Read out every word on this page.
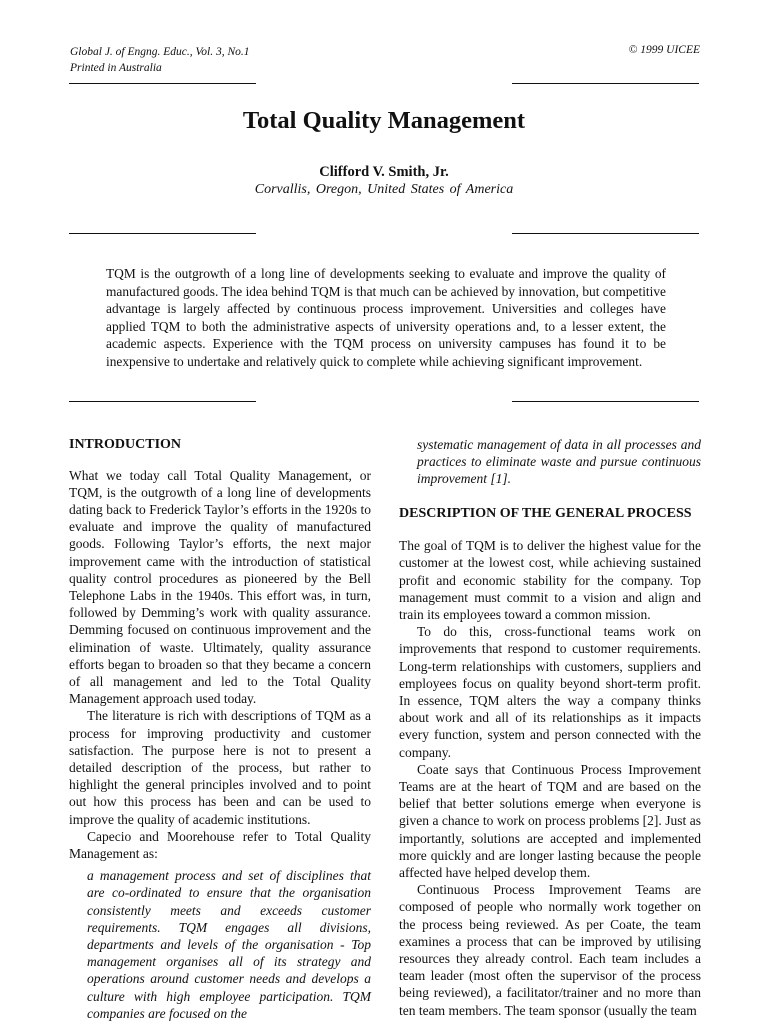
Global J. of Engng. Educ., Vol. 3, No.1
Printed in Australia
© 1999 UICEE
Total Quality Management
Clifford V. Smith, Jr.
Corvallis, Oregon, United States of America
TQM is the outgrowth of a long line of developments seeking to evaluate and improve the quality of manufactured goods. The idea behind TQM is that much can be achieved by innovation, but competitive advantage is largely affected by continuous process improvement. Universities and colleges have applied TQM to both the administrative aspects of university operations and, to a lesser extent, the academic aspects. Experience with the TQM process on university campuses has found it to be inexpensive to undertake and relatively quick to complete while achieving significant improvement.
INTRODUCTION

What we today call Total Quality Management, or TQM, is the outgrowth of a long line of developments dating back to Frederick Taylor’s efforts in the 1920s to evaluate and improve the quality of manufactured goods. Following Taylor’s efforts, the next major improvement came with the introduction of statistical quality control procedures as pioneered by the Bell Telephone Labs in the 1940s. This effort was, in turn, followed by Demming’s work with quality assurance. Demming focused on continuous improvement and the elimination of waste. Ultimately, quality assurance efforts began to broaden so that they became a concern of all management and led to the Total Quality Management approach used today.

The literature is rich with descriptions of TQM as a process for improving productivity and customer satisfaction. The purpose here is not to present a detailed description of the process, but rather to highlight the general principles involved and to point out how this process has been and can be used to improve the quality of academic institutions.

Capecio and Moorehouse refer to Total Quality Management as:

a management process and set of disciplines that are co-ordinated to ensure that the organisation consistently meets and exceeds customer requirements. TQM engages all divisions, departments and levels of the organisation - Top management organises all of its strategy and operations around customer needs and develops a culture with high employee participation. TQM companies are focused on the
systematic management of data in all processes and practices to eliminate waste and pursue continuous improvement [1].
DESCRIPTION OF THE GENERAL PROCESS

The goal of TQM is to deliver the highest value for the customer at the lowest cost, while achieving sustained profit and economic stability for the company. Top management must commit to a vision and align and train its employees toward a common mission.

To do this, cross-functional teams work on improvements that respond to customer requirements. Long-term relationships with customers, suppliers and employees focus on quality beyond short-term profit. In essence, TQM alters the way a company thinks about work and all of its relationships as it impacts every function, system and person connected with the company.

Coate says that Continuous Process Improvement Teams are at the heart of TQM and are based on the belief that better solutions emerge when everyone is given a chance to work on process problems [2]. Just as importantly, solutions are accepted and implemented more quickly and are longer lasting because the people affected have helped develop them.

Continuous Process Improvement Teams are composed of people who normally work together on the process being reviewed. As per Coate, the team examines a process that can be improved by utilising resources they already control. Each team includes a team leader (most often the supervisor of the process being reviewed), a facilitator/trainer and no more than ten team members. The team sponsor (usually the team
